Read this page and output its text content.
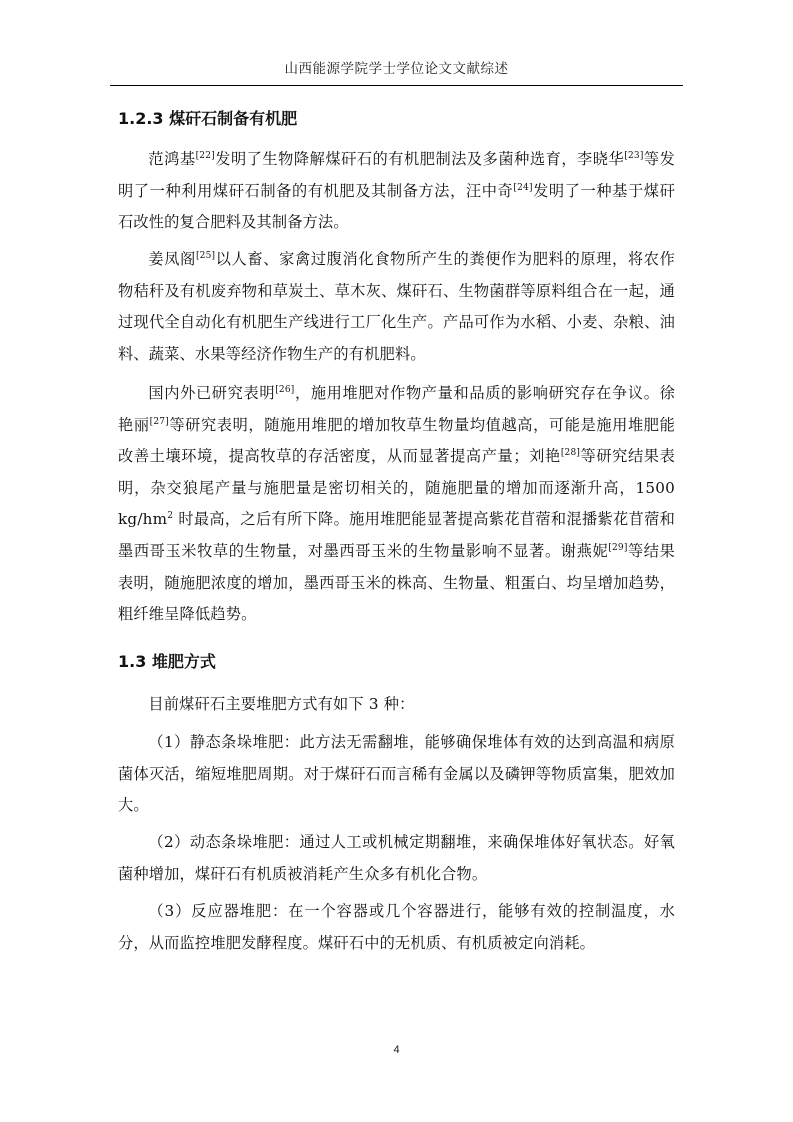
山西能源学院学士学位论文文献综述
1.2.3 煤矸石制备有机肥

范鸿基[22]发明了生物降解煤矸石的有机肥制法及多菌种选育，李晓华[23]等发明了一种利用煤矸石制备的有机肥及其制备方法，汪中奇[24]发明了一种基于煤矸石改性的复合肥料及其制备方法。

姜凤阁[25]以人畜、家禽过腹消化食物所产生的粪便作为肥料的原理，将农作物秸秆及有机废弃物和草炭土、草木灰、煤矸石、生物菌群等原料组合在一起，通过现代全自动化有机肥生产线进行工厂化生产。产品可作为水稻、小麦、杂粮、油料、蔬菜、水果等经济作物生产的有机肥料。

国内外已研究表明[26]，施用堆肥对作物产量和品质的影响研究存在争议。徐艳丽[27]等研究表明，随施用堆肥的增加牧草生物量均值越高，可能是施用堆肥能改善土壤环境，提高牧草的存活密度，从而显著提高产量；刘艳[28]等研究结果表明，杂交狼尾产量与施肥量是密切相关的，随施肥量的增加而逐渐升高，1500 $kg/hm^2$ 时最高，之后有所下降。施用堆肥能显著提高紫花苜蓿和混播紫花苜蓿和墨西哥玉米牧草的生物量，对墨西哥玉米的生物量影响不显著。谢燕妮[29]等结果表明，随施肥浓度的增加，墨西哥玉米的株高、生物量、粗蛋白、均呈增加趋势，粗纤维呈降低趋势。

1.3 堆肥方式

目前煤矸石主要堆肥方式有如下 3 种：

（1）静态条垛堆肥：此方法无需翻堆，能够确保堆体有效的达到高温和病原菌体灭活，缩短堆肥周期。对于煤矸石而言稀有金属以及磷钾等物质富集，肥效加大。

（2）动态条垛堆肥：通过人工或机械定期翻堆，来确保堆体好氧状态。好氧菌种增加，煤矸石有机质被消耗产生众多有机化合物。

（3）反应器堆肥：在一个容器或几个容器进行，能够有效的控制温度，水分，从而监控堆肥发酵程度。煤矸石中的无机质、有机质被定向消耗。

4
